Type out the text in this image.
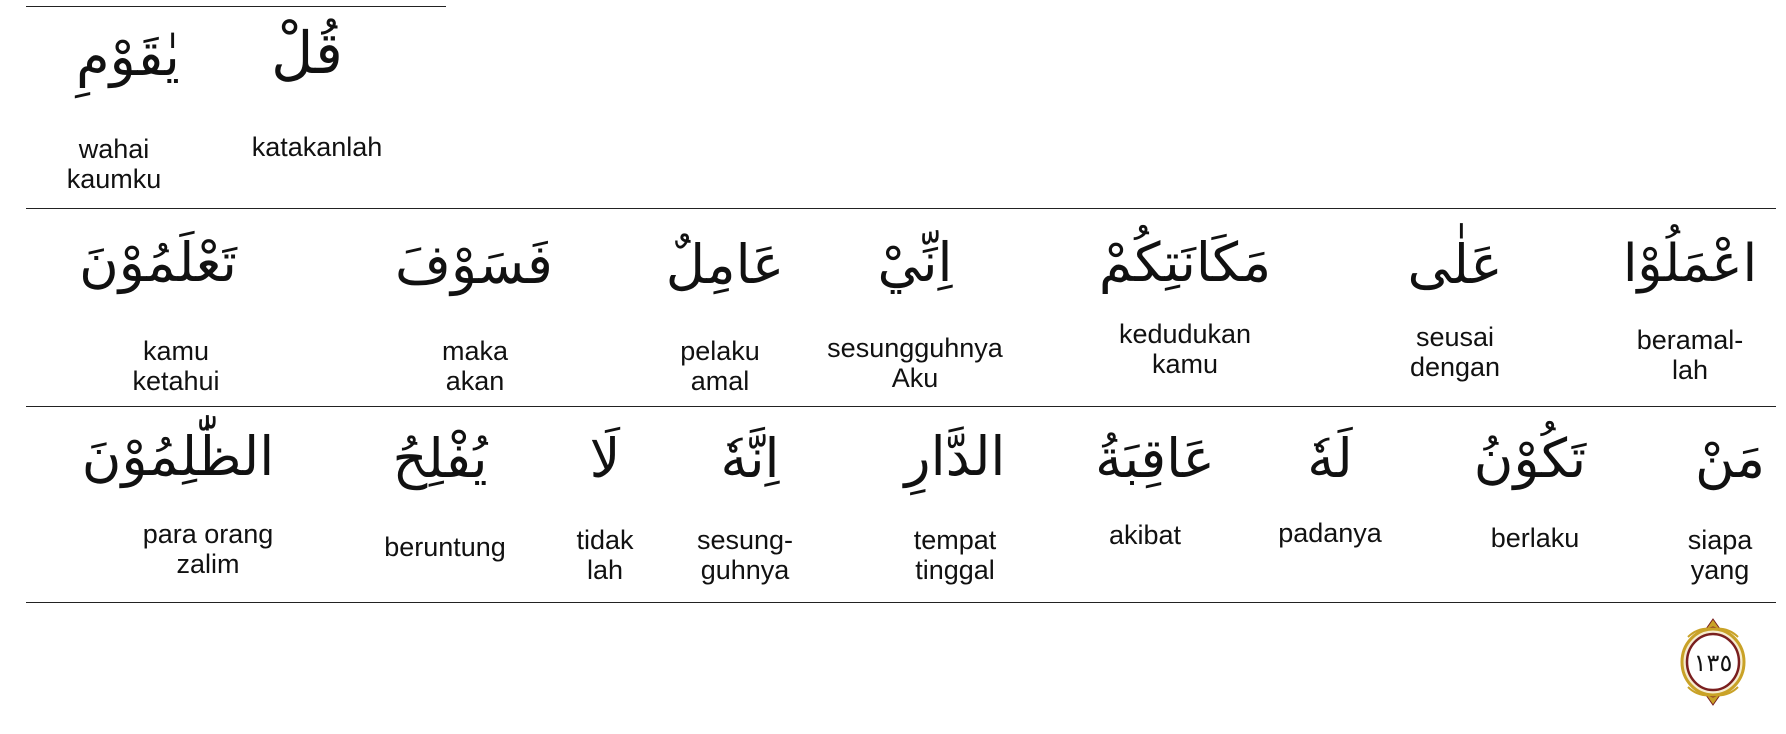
قُلْ
katakanlah
يٰقَوْمِ
wahai
kaumku
اعْمَلُوْا
beramal-
lah
عَلٰى
seusai
dengan
مَكَانَتِكُمْ
kedudukan
kamu
اِنِّيْ
sesungguhnya
Aku
عَامِلٌ
pelaku
amal
فَسَوْفَ
maka
akan
تَعْلَمُوْنَ
kamu
ketahui
مَنْ
siapa
yang
تَكُوْنُ
berlaku
لَهٗ
padanya
عَاقِبَةُ
akibat
الدَّارِ
tempat
tinggal
اِنَّهٗ
sesung-
guhnya
لَا
tidak
lah
يُفْلِحُ
beruntung
الظّٰلِمُوْنَ
para orang
zalim
١٣٥
